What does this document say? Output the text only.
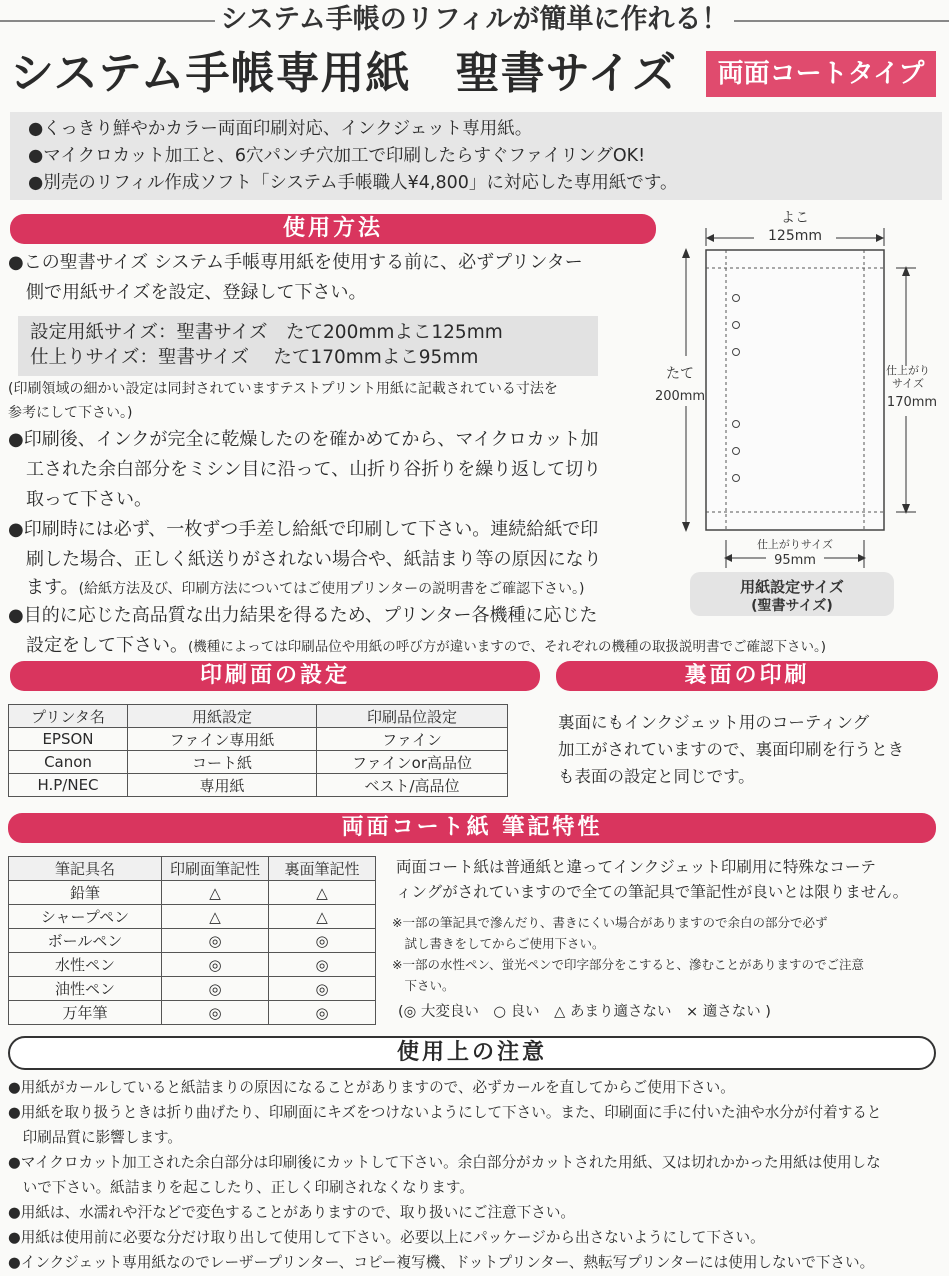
システム手帳のリフィルが簡単に作れる！
システム手帳専用紙　聖書サイズ	両面コートタイプ
●くっきり鮮やかカラー両面印刷対応、インクジェット専用紙。
●マイクロカット加工と、6穴パンチ穴加工で印刷したらすぐファイリングOK!
●別売のリフィル作成ソフト「システム手帳職人¥4,800」に対応した専用紙です。
使用方法
●この聖書サイズ システム手帳専用紙を使用する前に、必ずプリンター
　側で用紙サイズを設定、登録して下さい。
設定用紙サイズ：聖書サイズ　たて200mmよこ125mm
仕上りサイズ：聖書サイズ　 たて170mmよこ95mm
(印刷領域の細かい設定は同封されていますテストプリント用紙に記載されている寸法を
参考にして下さい。)
●印刷後、インクが完全に乾燥したのを確かめてから、マイクロカット加
　工された余白部分をミシン目に沿って、山折り谷折りを繰り返して切り
　取って下さい。
●印刷時には必ず、一枚ずつ手差し給紙で印刷して下さい。連続給紙で印
　刷した場合、正しく紙送りがされない場合や、紙詰まり等の原因になり
　ます。(給紙方法及び、印刷方法についてはご使用プリンターの説明書をご確認下さい。)
●目的に応じた高品質な出力結果を得るため、プリンター各機種に応じた
　設定をして下さい。(機種によっては印刷品位や用紙の呼び方が違いますので、それぞれの機種の取扱説明書でご確認下さい。)
よこ
125mm
たて
200mm
仕上がり
サイズ
170mm
仕上がりサイズ
95mm
用紙設定サイズ
(聖書サイズ)
印刷面の設定
プリンタ名	用紙設定	印刷品位設定
EPSON	ファイン専用紙	ファイン
Canon	コート紙	ファインor高品位
H.P/NEC	専用紙	ベスト/高品位
裏面の印刷
裏面にもインクジェット用のコーティング
加工がされていますので、裏面印刷を行うとき
も表面の設定と同じです。
両面コート紙 筆記特性
筆記具名	印刷面筆記性	裏面筆記性
鉛筆	△	△
シャープペン	△	△
ボールペン	◎	◎
水性ペン	◎	◎
油性ペン	◎	◎
万年筆	◎	◎
両面コート紙は普通紙と違ってインクジェット印刷用に特殊なコーテ
ィングがされていますので全ての筆記具で筆記性が良いとは限りません。
※一部の筆記具で滲んだり、書きにくい場合がありますので余白の部分で必ず
　試し書きをしてからご使用下さい。
※一部の水性ペン、蛍光ペンで印字部分をこすると、滲むことがありますのでご注意
　下さい。
(◎ 大変良い　○ 良い　△ あまり適さない　× 適さない )
使用上の注意
●用紙がカールしていると紙詰まりの原因になることがありますので、必ずカールを直してからご使用下さい。
●用紙を取り扱うときは折り曲げたり、印刷面にキズをつけないようにして下さい。また、印刷面に手に付いた油や水分が付着すると
　印刷品質に影響します。
●マイクロカット加工された余白部分は印刷後にカットして下さい。余白部分がカットされた用紙、又は切れかかった用紙は使用しな
　いで下さい。紙詰まりを起こしたり、正しく印刷されなくなります。
●用紙は、水濡れや汗などで変色することがありますので、取り扱いにご注意下さい。
●用紙は使用前に必要な分だけ取り出して使用して下さい。必要以上にパッケージから出さないようにして下さい。
●インクジェット専用紙なのでレーザープリンター、コピー複写機、ドットプリンター、熱転写プリンターには使用しないで下さい。
